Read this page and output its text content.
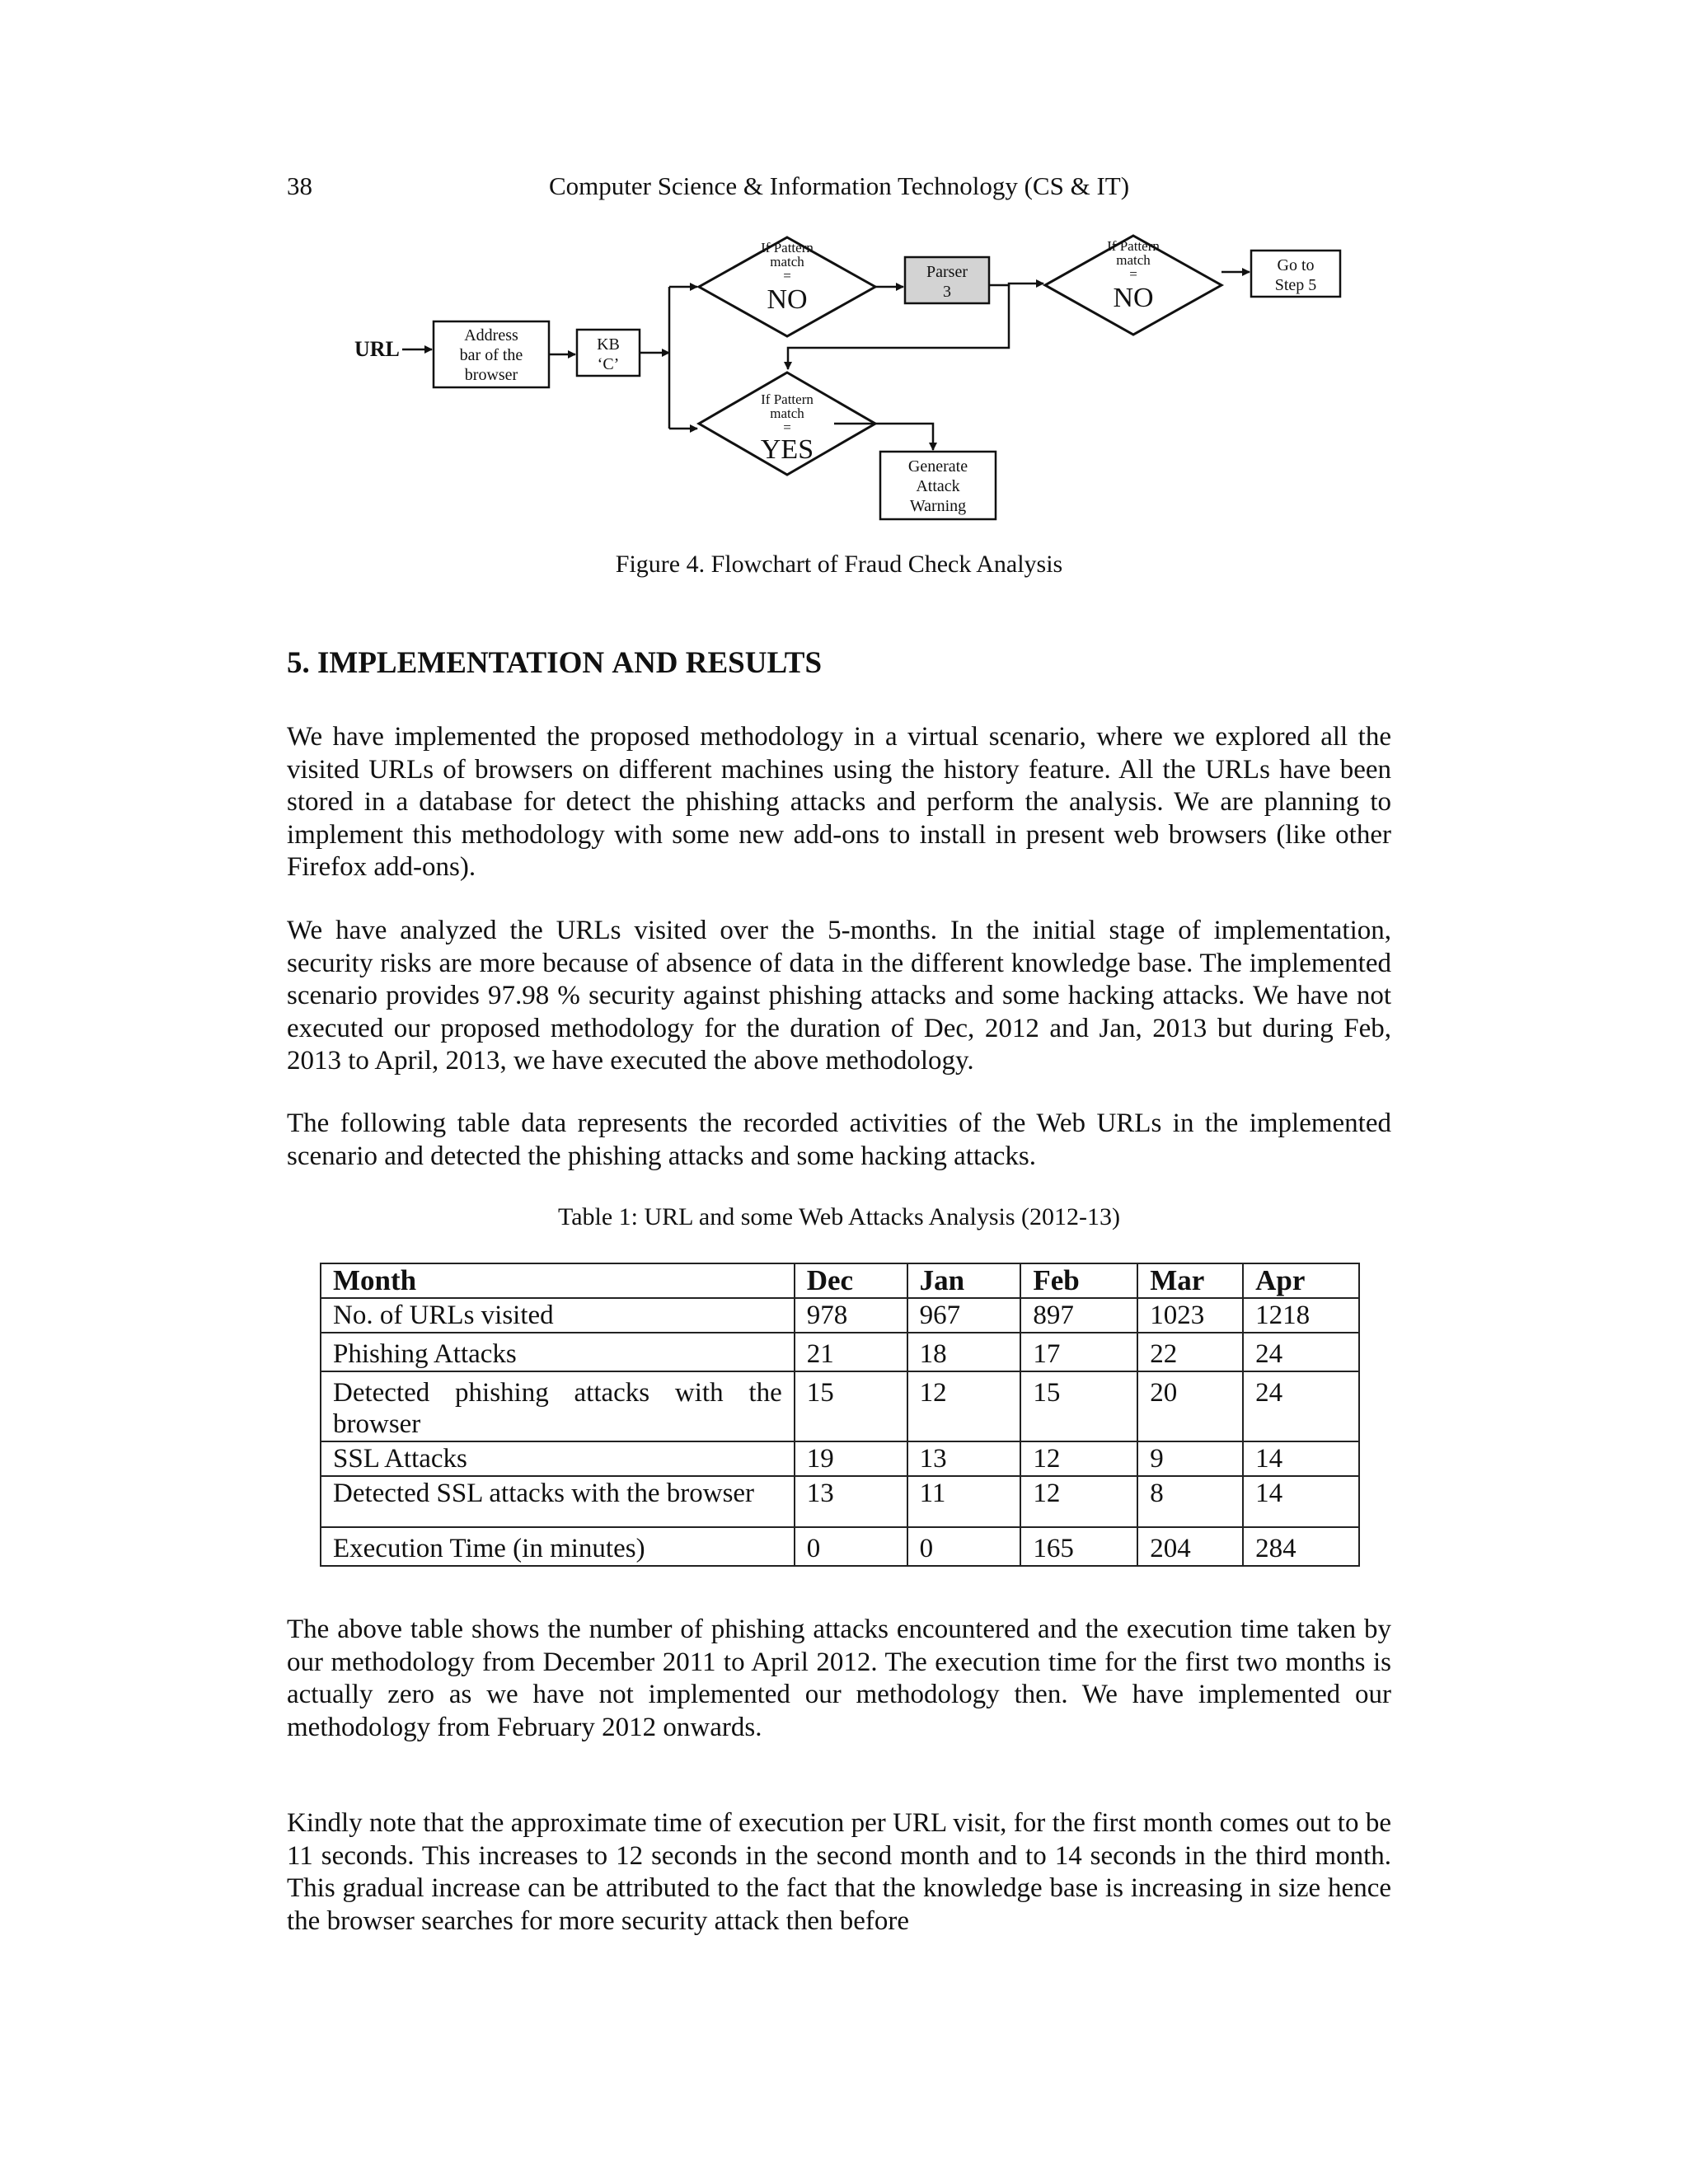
38	Computer Science & Information Technology (CS & IT)
URL
Address
bar of the
browser
KB
‘C’
If Pattern
match
=
NO
Parser
3
If Pattern
match
=
NO
Go to
Step 5
If Pattern
match
=
YES
Generate
Attack
Warning
Figure 4. Flowchart of Fraud Check Analysis
5. IMPLEMENTATION AND RESULTS

We have implemented the proposed methodology in a virtual scenario, where we explored all the visited URLs of browsers on different machines using the history feature. All the URLs have been stored in a database for detect the phishing attacks and perform the analysis. We are planning to implement this methodology with some new add-ons to install in present web browsers (like other Firefox add-ons).

We have analyzed the URLs visited over the 5-months. In the initial stage of implementation, security risks are more because of absence of data in the different knowledge base. The implemented scenario provides 97.98 % security against phishing attacks and some hacking attacks. We have not executed our proposed methodology for the duration of Dec, 2012 and Jan, 2013 but during Feb, 2013 to April, 2013, we have executed the above methodology.

The following table data represents the recorded activities of the Web URLs in the implemented scenario and detected the phishing attacks and some hacking attacks.

Table 1: URL and some Web Attacks Analysis (2012-13)
Month	Dec	Jan	Feb	Mar	Apr
No. of URLs visited	978	967	897	1023	1218
Phishing Attacks	21	18	17	22	24
Detected phishing attacks with the browser	15	12	15	20	24
SSL Attacks	19	13	12	9	14
Detected SSL attacks with the browser	13	11	12	8	14
Execution Time (in minutes)	0	0	165	204	284

The above table shows the number of phishing attacks encountered and the execution time taken by our methodology from December 2011 to April 2012. The execution time for the first two months is actually zero as we have not implemented our methodology then. We have implemented our methodology from February 2012 onwards.

Kindly note that the approximate time of execution per URL visit, for the first month comes out to be 11 seconds. This increases to 12 seconds in the second month and to 14 seconds in the third month. This gradual increase can be attributed to the fact that the knowledge base is increasing in size hence the browser searches for more security attack then before
